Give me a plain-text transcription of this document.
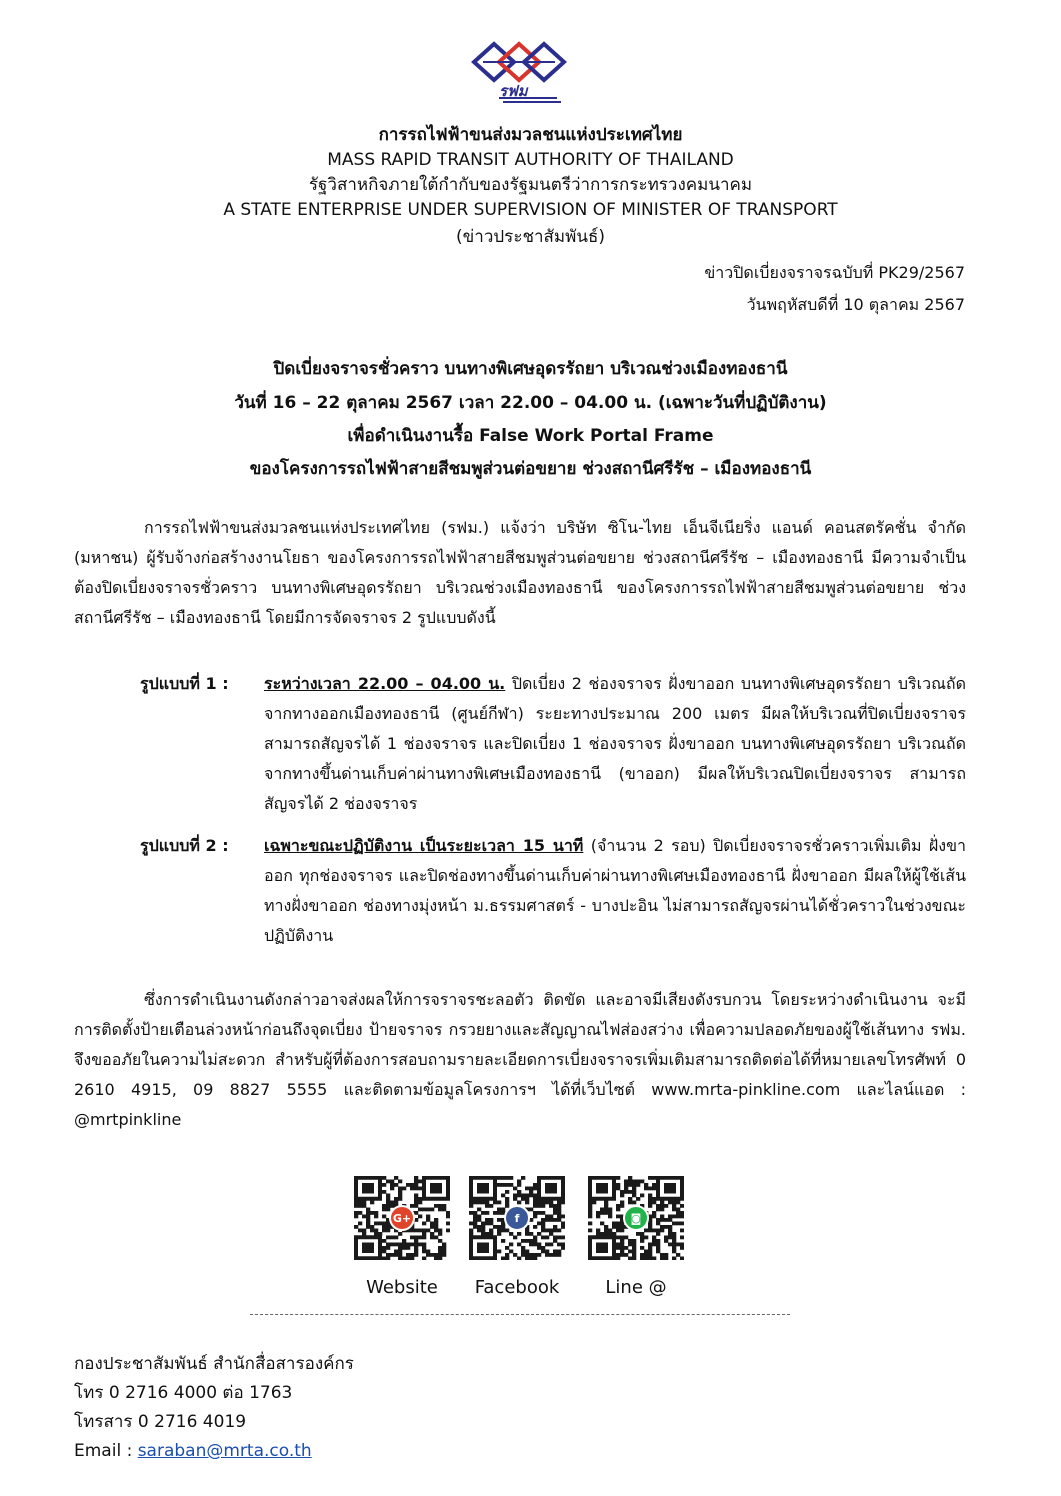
รฟม
การรถไฟฟ้าขนส่งมวลชนแห่งประเทศไทย
MASS RAPID TRANSIT AUTHORITY OF THAILAND
รัฐวิสาหกิจภายใต้กำกับของรัฐมนตรีว่าการกระทรวงคมนาคม
A STATE ENTERPRISE UNDER SUPERVISION OF MINISTER OF TRANSPORT
(ข่าวประชาสัมพันธ์)
ข่าวปิดเบี่ยงจราจรฉบับที่ PK29/2567
วันพฤหัสบดีที่ 10 ตุลาคม 2567
ปิดเบี่ยงจราจรชั่วคราว บนทางพิเศษอุดรรัถยา บริเวณช่วงเมืองทองธานี
วันที่ 16 – 22 ตุลาคม 2567 เวลา 22.00 – 04.00 น. (เฉพาะวันที่ปฏิบัติงาน)
เพื่อดำเนินงานรื้อ False Work Portal Frame
ของโครงการรถไฟฟ้าสายสีชมพูส่วนต่อขยาย ช่วงสถานีศรีรัช – เมืองทองธานี
การรถไฟฟ้าขนส่งมวลชนแห่งประเทศไทย (รฟม.) แจ้งว่า บริษัท ซิโน-ไทย เอ็นจีเนียริ่ง แอนด์ คอนสตรัคชั่น จำกัด (มหาชน) ผู้รับจ้างก่อสร้างงานโยธา ของโครงการรถไฟฟ้าสายสีชมพูส่วนต่อขยาย ช่วงสถานีศรีรัช – เมืองทองธานี มีความจำเป็นต้องปิดเบี่ยงจราจรชั่วคราว บนทางพิเศษอุดรรัถยา บริเวณช่วงเมืองทองธานี ของโครงการรถไฟฟ้าสายสีชมพูส่วนต่อขยาย ช่วงสถานีศรีรัช – เมืองทองธานี โดยมีการจัดจราจร 2 รูปแบบดังนี้
รูปแบบที่ 1 :	ระหว่างเวลา 22.00 – 04.00 น. ปิดเบี่ยง 2 ช่องจราจร ฝั่งขาออก บนทางพิเศษอุดรรัถยา บริเวณถัดจากทางออกเมืองทองธานี (ศูนย์กีฬา) ระยะทางประมาณ 200 เมตร มีผลให้บริเวณที่ปิดเบี่ยงจราจร สามารถสัญจรได้ 1 ช่องจราจร และปิดเบี่ยง 1 ช่องจราจร ฝั่งขาออก บนทางพิเศษอุดรรัถยา บริเวณถัดจากทางขึ้นด่านเก็บค่าผ่านทางพิเศษเมืองทองธานี (ขาออก) มีผลให้บริเวณปิดเบี่ยงจราจร สามารถสัญจรได้ 2 ช่องจราจร
รูปแบบที่ 2 :	เฉพาะขณะปฏิบัติงาน เป็นระยะเวลา 15 นาที (จำนวน 2 รอบ) ปิดเบี่ยงจราจรชั่วคราวเพิ่มเติม ฝั่งขาออก ทุกช่องจราจร และปิดช่องทางขึ้นด่านเก็บค่าผ่านทางพิเศษเมืองทองธานี ฝั่งขาออก มีผลให้ผู้ใช้เส้นทางฝั่งขาออก ช่องทางมุ่งหน้า ม.ธรรมศาสตร์ - บางปะอิน ไม่สามารถสัญจรผ่านได้ชั่วคราวในช่วงขณะปฏิบัติงาน
ซึ่งการดำเนินงานดังกล่าวอาจส่งผลให้การจราจรชะลอตัว ติดขัด และอาจมีเสียงดังรบกวน โดยระหว่างดำเนินงาน จะมีการติดตั้งป้ายเตือนล่วงหน้าก่อนถึงจุดเบี่ยง ป้ายจราจร กรวยยางและสัญญาณไฟส่องสว่าง เพื่อความปลอดภัยของผู้ใช้เส้นทาง รฟม. จึงขออภัยในความไม่สะดวก สำหรับผู้ที่ต้องการสอบถามรายละเอียดการเบี่ยงจราจรเพิ่มเติมสามารถติดต่อได้ที่หมายเลขโทรศัพท์ 0 2610 4915, 09 8827 5555 และติดตามข้อมูลโครงการฯ ได้ที่เว็บไซต์ www.mrta-pinkline.com และไลน์แอด : @mrtpinkline
G+	f	◙
Website	Facebook	Line @
กองประชาสัมพันธ์ สำนักสื่อสารองค์กร
โทร 0 2716 4000 ต่อ 1763
โทรสาร 0 2716 4019
Email : saraban@mrta.co.th
